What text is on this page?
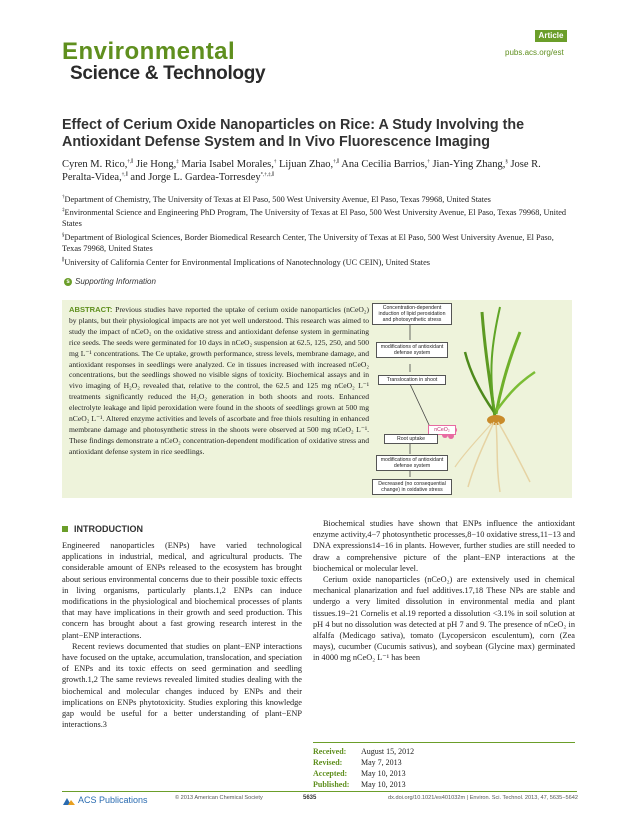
Environmental
Science & Technology
Article
pubs.acs.org/est
Effect of Cerium Oxide Nanoparticles on Rice: A Study Involving the Antioxidant Defense System and In Vivo Fluorescence Imaging
Cyren M. Rico,†,∥ Jie Hong,‡ Maria Isabel Morales,† Lijuan Zhao,†,∥ Ana Cecilia Barrios,† Jian-Ying Zhang,§ Jose R. Peralta-Videa,†,∥ and Jorge L. Gardea-Torresdey*,†,‡,∥
†Department of Chemistry, The University of Texas at El Paso, 500 West University Avenue, El Paso, Texas 79968, United States
‡Environmental Science and Engineering PhD Program, The University of Texas at El Paso, 500 West University Avenue, El Paso, Texas 79968, United States
§Department of Biological Sciences, Border Biomedical Research Center, The University of Texas at El Paso, 500 West University Avenue, El Paso, Texas 79968, United States
∥University of California Center for Environmental Implications of Nanotechnology (UC CEIN), United States
s Supporting Information
ABSTRACT: Previous studies have reported the uptake of cerium oxide nanoparticles (nCeO₂) by plants, but their physiological impacts are not yet well understood. This research was aimed to study the impact of nCeO₂ on the oxidative stress and antioxidant defense system in germinating rice seeds. The seeds were germinated for 10 days in nCeO₂ suspension at 62.5, 125, 250, and 500 mg L⁻¹ concentrations. The Ce uptake, growth performance, stress levels, membrane damage, and antioxidant responses in seedlings were analyzed. Ce in tissues increased with increased nCeO₂ concentrations, but the seedlings showed no visible signs of toxicity. Biochemical assays and in vivo imaging of H₂O₂ revealed that, relative to the control, the 62.5 and 125 mg nCeO₂ L⁻¹ treatments significantly reduced the H₂O₂ generation in both shoots and roots. Enhanced electrolyte leakage and lipid peroxidation were found in the shoots of seedlings grown at 500 mg nCeO₂ L⁻¹. Altered enzyme activities and levels of ascorbate and free thiols resulting in enhanced membrane damage and photosynthetic stress in the shoots were observed at 500 mg nCeO₂ L⁻¹. These findings demonstrate a nCeO₂ concentration-dependent modification of oxidative stress and antioxidant defense system in rice seedlings.
Concentration-dependent induction of lipid peroxidation and photosynthetic stress
modifications of antioxidant defense system
Translocation in shoot
nCeO₂
Root uptake
modifications of antioxidant defense system
Decreased (no consequential change) in oxidative stress
INTRODUCTION

Engineered nanoparticles (ENPs) have varied technological applications in industrial, medical, and agricultural products. The considerable amount of ENPs released to the ecosystem has brought about serious environmental concerns due to their possible toxic effects in living organisms, particularly plants.1,2 ENPs can induce modifications in the physiological and biochemical processes of plants that may have implications in their growth and seed production. This concern has brought about a fast growing research interest in the plant−ENP interactions.

Recent reviews documented that studies on plant−ENP interactions have focused on the uptake, accumulation, translocation, and speciation of ENPs and its toxic effects on seed germination and seedling growth.1,2 The same reviews revealed limited studies dealing with the biochemical and molecular changes induced by ENPs and their implications on ENPs phytotoxicity. Studies exploring this knowledge gap would be useful for a better understanding of plant−ENP interactions.3

Biochemical studies have shown that ENPs influence the antioxidant enzyme activity,4−7 photosynthetic processes,8−10 oxidative stress,11−13 and DNA expressions14−16 in plants. However, further studies are still needed to draw a comprehensive picture of the plant−ENP interactions at the biochemical or molecular level.

Cerium oxide nanoparticles (nCeO₂) are extensively used in chemical mechanical planarization and fuel additives.17,18 These NPs are stable and undergo a very limited dissolution in environmental media and plant tissues.19−21 Cornelis et al.19 reported a dissolution <3.1% in soil solution at pH 4 but no dissolution was detected at pH 7 and 9. The presence of nCeO₂ in alfalfa (Medicago sativa), tomato (Lycopersicon esculentum), corn (Zea mays), cucumber (Cucumis sativus), and soybean (Glycine max) germinated in 4000 mg nCeO₂ L⁻¹ has been

Received: August 15, 2012
Revised: May 7, 2013
Accepted: May 10, 2013
Published: May 10, 2013
ACS Publications	© 2013 American Chemical Society	5635	dx.doi.org/10.1021/es401032m | Environ. Sci. Technol. 2013, 47, 5635−5642
